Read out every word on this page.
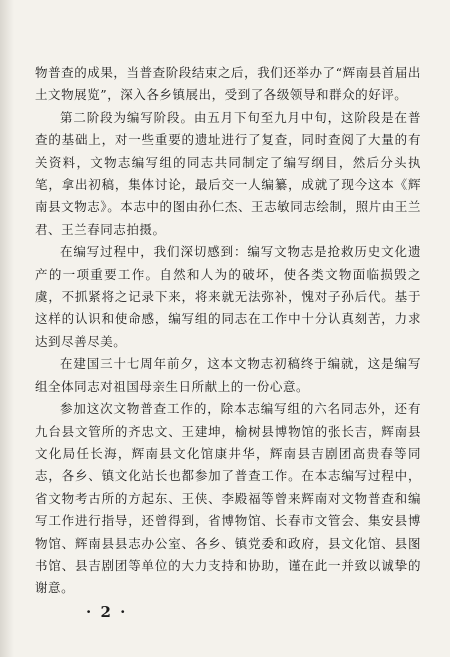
物普查的成果，当普查阶段结束之后，我们还举办了“辉南县首届出土文物展览”，深入各乡镇展出，受到了各级领导和群众的好评。

第二阶段为编写阶段。由五月下旬至九月中旬，这阶段是在普查的基础上，对一些重要的遗址进行了复查，同时查阅了大量的有关资料，文物志编写组的同志共同制定了编写纲目，然后分头执笔，拿出初稿，集体讨论，最后交一人编纂，成就了现今这本《辉南县文物志》。本志中的图由孙仁杰、王志敏同志绘制，照片由王兰君、王兰春同志拍摄。

在编写过程中，我们深切感到：编写文物志是抢救历史文化遗产的一项重要工作。自然和人为的破坏，使各类文物面临损毁之虞，不抓紧将之记录下来，将来就无法弥补，愧对子孙后代。基于这样的认识和使命感，编写组的同志在工作中十分认真刻苦，力求达到尽善尽美。

在建国三十七周年前夕，这本文物志初稿终于编就，这是编写组全体同志对祖国母亲生日所献上的一份心意。

参加这次文物普查工作的，除本志编写组的六名同志外，还有九台县文管所的齐忠文、王建坤，榆树县博物馆的张长吉，辉南县文化局任长海，辉南县文化馆康井华，辉南县吉剧团高贵春等同志，各乡、镇文化站长也都参加了普查工作。在本志编写过程中，省文物考古所的方起东、王侠、李殿福等曾来辉南对文物普查和编写工作进行指导，还曾得到，省博物馆、长春市文管会、集安县博物馆、辉南县县志办公室、各乡、镇党委和政府，县文化馆、县图书馆、县吉剧团等单位的大力支持和协助，谨在此一并致以诚挚的谢意。

· 2 ·
